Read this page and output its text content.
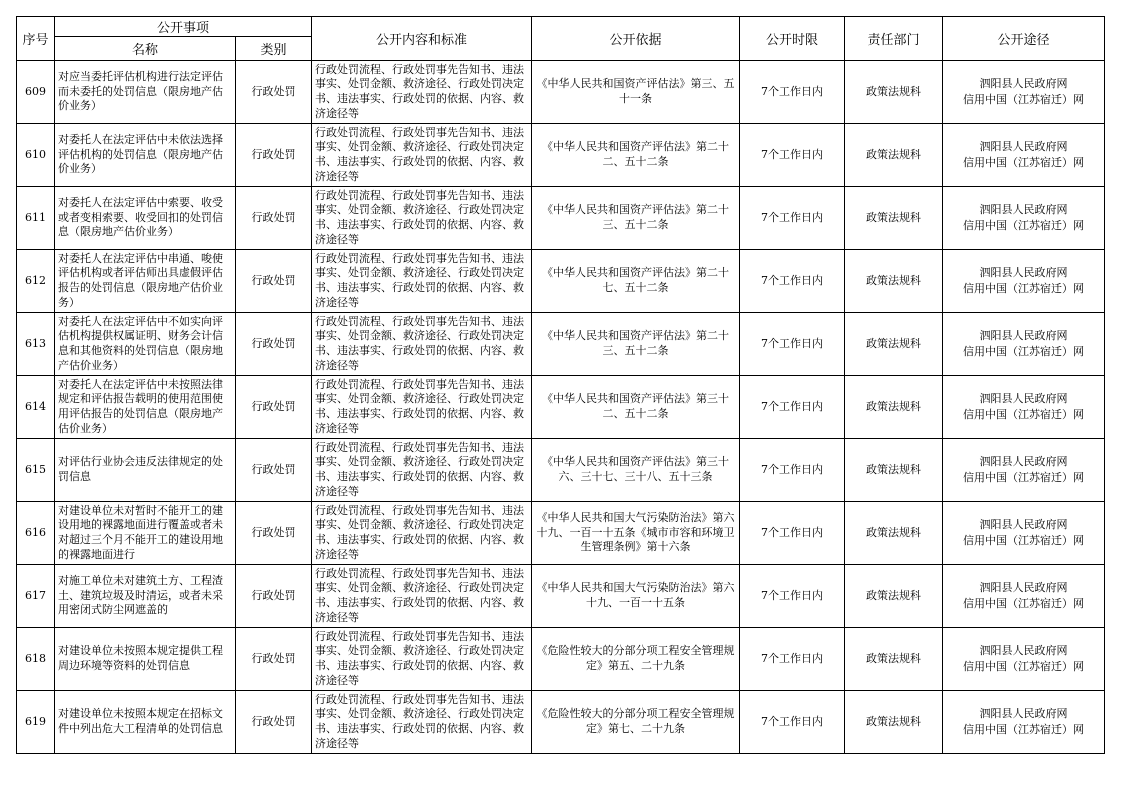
序号	公开事项		公开内容和标准	公开依据	公开时限	责任部门	公开途径
	名称	类别					
609	对应当委托评估机构进行法定评估而未委托的处罚信息（限房地产估价业务）	行政处罚	行政处罚流程、行政处罚事先告知书、违法事实、处罚金额、救济途径、行政处罚决定书、违法事实、行政处罚的依据、内容、救济途径等	《中华人民共和国资产评估法》第三、五十一条	7个工作日内	政策法规科	泗阳县人民政府网
信用中国（江苏宿迁）网

610	对委托人在法定评估中未依法选择评估机构的处罚信息（限房地产估价业务）	行政处罚	行政处罚流程、行政处罚事先告知书、违法事实、处罚金额、救济途径、行政处罚决定书、违法事实、行政处罚的依据、内容、救济途径等	《中华人民共和国资产评估法》第二十二、五十二条	7个工作日内	政策法规科	泗阳县人民政府网
信用中国（江苏宿迁）网

611	对委托人在法定评估中索要、收受或者变相索要、收受回扣的处罚信息（限房地产估价业务）	行政处罚	行政处罚流程、行政处罚事先告知书、违法事实、处罚金额、救济途径、行政处罚决定书、违法事实、行政处罚的依据、内容、救济途径等	《中华人民共和国资产评估法》第二十三、五十二条	7个工作日内	政策法规科	泗阳县人民政府网
信用中国（江苏宿迁）网

612	对委托人在法定评估中串通、唆使评估机构或者评估师出具虚假评估报告的处罚信息（限房地产估价业务）	行政处罚	行政处罚流程、行政处罚事先告知书、违法事实、处罚金额、救济途径、行政处罚决定书、违法事实、行政处罚的依据、内容、救济途径等	《中华人民共和国资产评估法》第二十七、五十二条	7个工作日内	政策法规科	泗阳县人民政府网
信用中国（江苏宿迁）网

613	对委托人在法定评估中不如实向评估机构提供权属证明、财务会计信息和其他资料的处罚信息（限房地产估价业务）	行政处罚	行政处罚流程、行政处罚事先告知书、违法事实、处罚金额、救济途径、行政处罚决定书、违法事实、行政处罚的依据、内容、救济途径等	《中华人民共和国资产评估法》第二十三、五十二条	7个工作日内	政策法规科	泗阳县人民政府网
信用中国（江苏宿迁）网

614	对委托人在法定评估中未按照法律规定和评估报告载明的使用范围使用评估报告的处罚信息（限房地产估价业务）	行政处罚	行政处罚流程、行政处罚事先告知书、违法事实、处罚金额、救济途径、行政处罚决定书、违法事实、行政处罚的依据、内容、救济途径等	《中华人民共和国资产评估法》第三十二、五十二条	7个工作日内	政策法规科	泗阳县人民政府网
信用中国（江苏宿迁）网

615	对评估行业协会违反法律规定的处罚信息	行政处罚	行政处罚流程、行政处罚事先告知书、违法事实、处罚金额、救济途径、行政处罚决定书、违法事实、行政处罚的依据、内容、救济途径等	《中华人民共和国资产评估法》第三十六、三十七、三十八、五十三条	7个工作日内	政策法规科	泗阳县人民政府网
信用中国（江苏宿迁）网

616	对建设单位未对暂时不能开工的建设用地的裸露地面进行覆盖或者未对超过三个月不能开工的建设用地的裸露地面进行	行政处罚	行政处罚流程、行政处罚事先告知书、违法事实、处罚金额、救济途径、行政处罚决定书、违法事实、行政处罚的依据、内容、救济途径等	《中华人民共和国大气污染防治法》第六十九、一百一十五条《城市市容和环境卫生管理条例》第十六条	7个工作日内	政策法规科	泗阳县人民政府网
信用中国（江苏宿迁）网

617	对施工单位未对建筑土方、工程渣土、建筑垃圾及时清运，或者未采用密闭式防尘网遮盖的	行政处罚	行政处罚流程、行政处罚事先告知书、违法事实、处罚金额、救济途径、行政处罚决定书、违法事实、行政处罚的依据、内容、救济途径等	《中华人民共和国大气污染防治法》第六十九、一百一十五条	7个工作日内	政策法规科	泗阳县人民政府网
信用中国（江苏宿迁）网

618	对建设单位未按照本规定提供工程周边环境等资料的处罚信息	行政处罚	行政处罚流程、行政处罚事先告知书、违法事实、处罚金额、救济途径、行政处罚决定书、违法事实、行政处罚的依据、内容、救济途径等	《危险性较大的分部分项工程安全管理规定》第五、二十九条	7个工作日内	政策法规科	泗阳县人民政府网
信用中国（江苏宿迁）网

619	对建设单位未按照本规定在招标文件中列出危大工程清单的处罚信息	行政处罚	行政处罚流程、行政处罚事先告知书、违法事实、处罚金额、救济途径、行政处罚决定书、违法事实、行政处罚的依据、内容、救济途径等	《危险性较大的分部分项工程安全管理规定》第七、二十九条	7个工作日内	政策法规科	泗阳县人民政府网
信用中国（江苏宿迁）网
